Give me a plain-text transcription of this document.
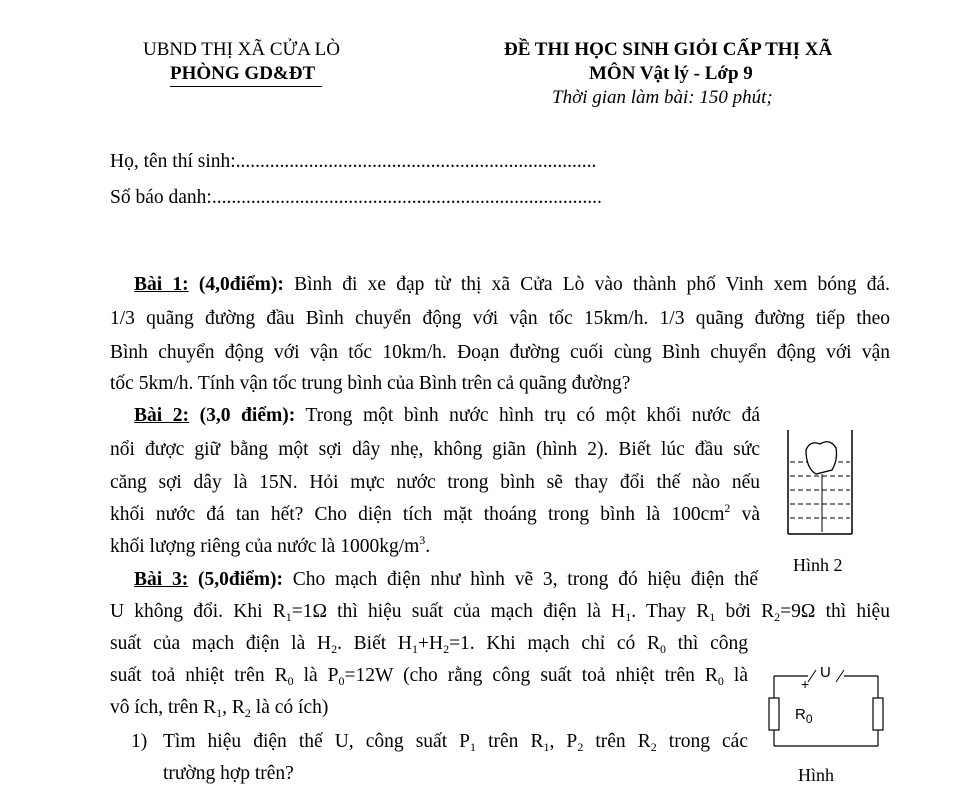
UBND THỊ XÃ CỬA LÒ
PHÒNG GD&ĐT
ĐỀ THI HỌC SINH GIỎI CẤP THỊ XÃ
MÔN Vật lý - Lớp 9
Thời gian làm bài: 150 phút;
Họ, tên thí sinh:..........................................................................
Số báo danh:................................................................................
Bài 1: (4,0điểm): Bình đi xe đạp từ thị xã Cửa Lò vào thành phố Vinh xem bóng đá.
1/3 quãng đường đầu Bình chuyển động với vận tốc 15km/h. 1/3 quãng đường tiếp theo
Bình chuyển động với vận tốc 10km/h. Đoạn đường cuối cùng Bình chuyển động với vận
tốc 5km/h. Tính vận tốc trung bình của Bình trên cả quãng đường?
Bài 2: (3,0 điểm): Trong một bình nước hình trụ có một khối nước đá
nổi được giữ bằng một sợi dây nhẹ, không giãn (hình 2). Biết lúc đầu sức
căng sợi dây là 15N. Hỏi mực nước trong bình sẽ thay đổi thế nào nếu
khối nước đá tan hết? Cho diện tích mặt thoáng trong bình là $100cm^2$ và
khối lượng riêng của nước là $1000kg/m^3$.
Hình 2
Bài 3: (5,0điểm): Cho mạch điện như hình vẽ 3, trong đó hiệu điện thế
U không đổi. Khi $R_1=1\Omega$ thì hiệu suất của mạch điện là $H_1$. Thay $R_1$ bởi $R_2=9\Omega$ thì hiệu
suất của mạch điện là $H_2$. Biết $H_1+H_2=1$. Khi mạch chỉ có $R_0$ thì công
suất toả nhiệt trên $R_0$ là $P_0=12W$ (cho rằng công suất toả nhiệt trên $R_0$ là
vô ích, trên $R_1$, $R_2$ là có ích)
1) Tìm hiệu điện thế U, công suất $P_1$ trên $R_1$, $P_2$ trên $R_2$ trong các
trường hợp trên?
U
+
$R_0$
Hình
